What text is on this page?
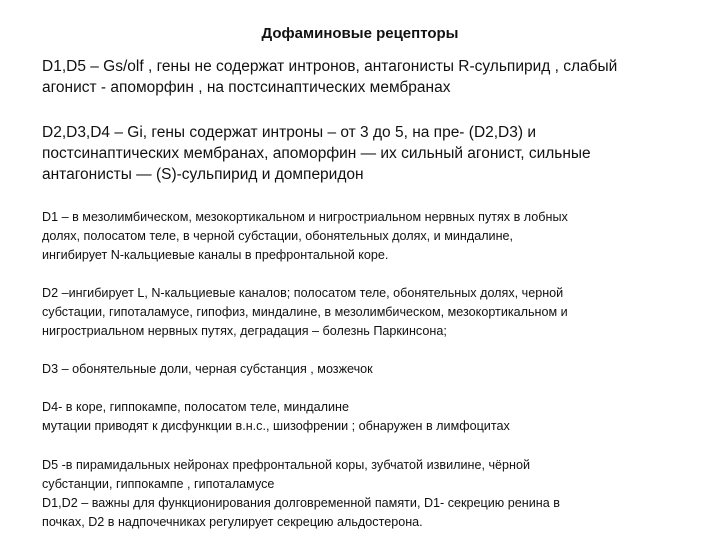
Дофаминовые рецепторы

D1,D5 – Gs/olf , гены не содержат интронов, антагонисты R-сульпирид , слабый
агонист - апоморфин , на постсинаптических мембранах

D2,D3,D4 – Gi, гены содержат интроны – от 3 до 5, на пре- (D2,D3) и
постсинаптических мембранах, апоморфин — их сильный агонист, сильные
антагонисты — (S)-сульпирид и домперидон

D1 – в мезолимбическом, мезокортикальном и нигростриальном нервных путях в лобных
долях, полосатом теле, в черной субстации, обонятельных долях, и миндалине,
ингибирует N-кальциевые каналы в префронтальной коре.

D2 –ингибирует L, N-кальциевые каналов; полосатом теле, обонятельных долях, черной
субстации, гипоталамусе, гипофиз, миндалине, в мезолимбическом, мезокортикальном и
нигростриальном нервных путях, деградация – болезнь Паркинсона;

D3 – обонятельные доли, черная субстанция , мозжечок

D4- в коре, гиппокампе, полосатом теле, миндалине
мутации приводят к дисфункции в.н.с., шизофрении ; обнаружен в лимфоцитах

D5 -в пирамидальных нейронах префронтальной коры, зубчатой извилине, чёрной
субстанции, гиппокампе , гипоталамусе
D1,D2 – важны для функционирования долговременной памяти, D1- секрецию ренина в
почках, D2 в надпочечниках регулирует секрецию альдостерона.
